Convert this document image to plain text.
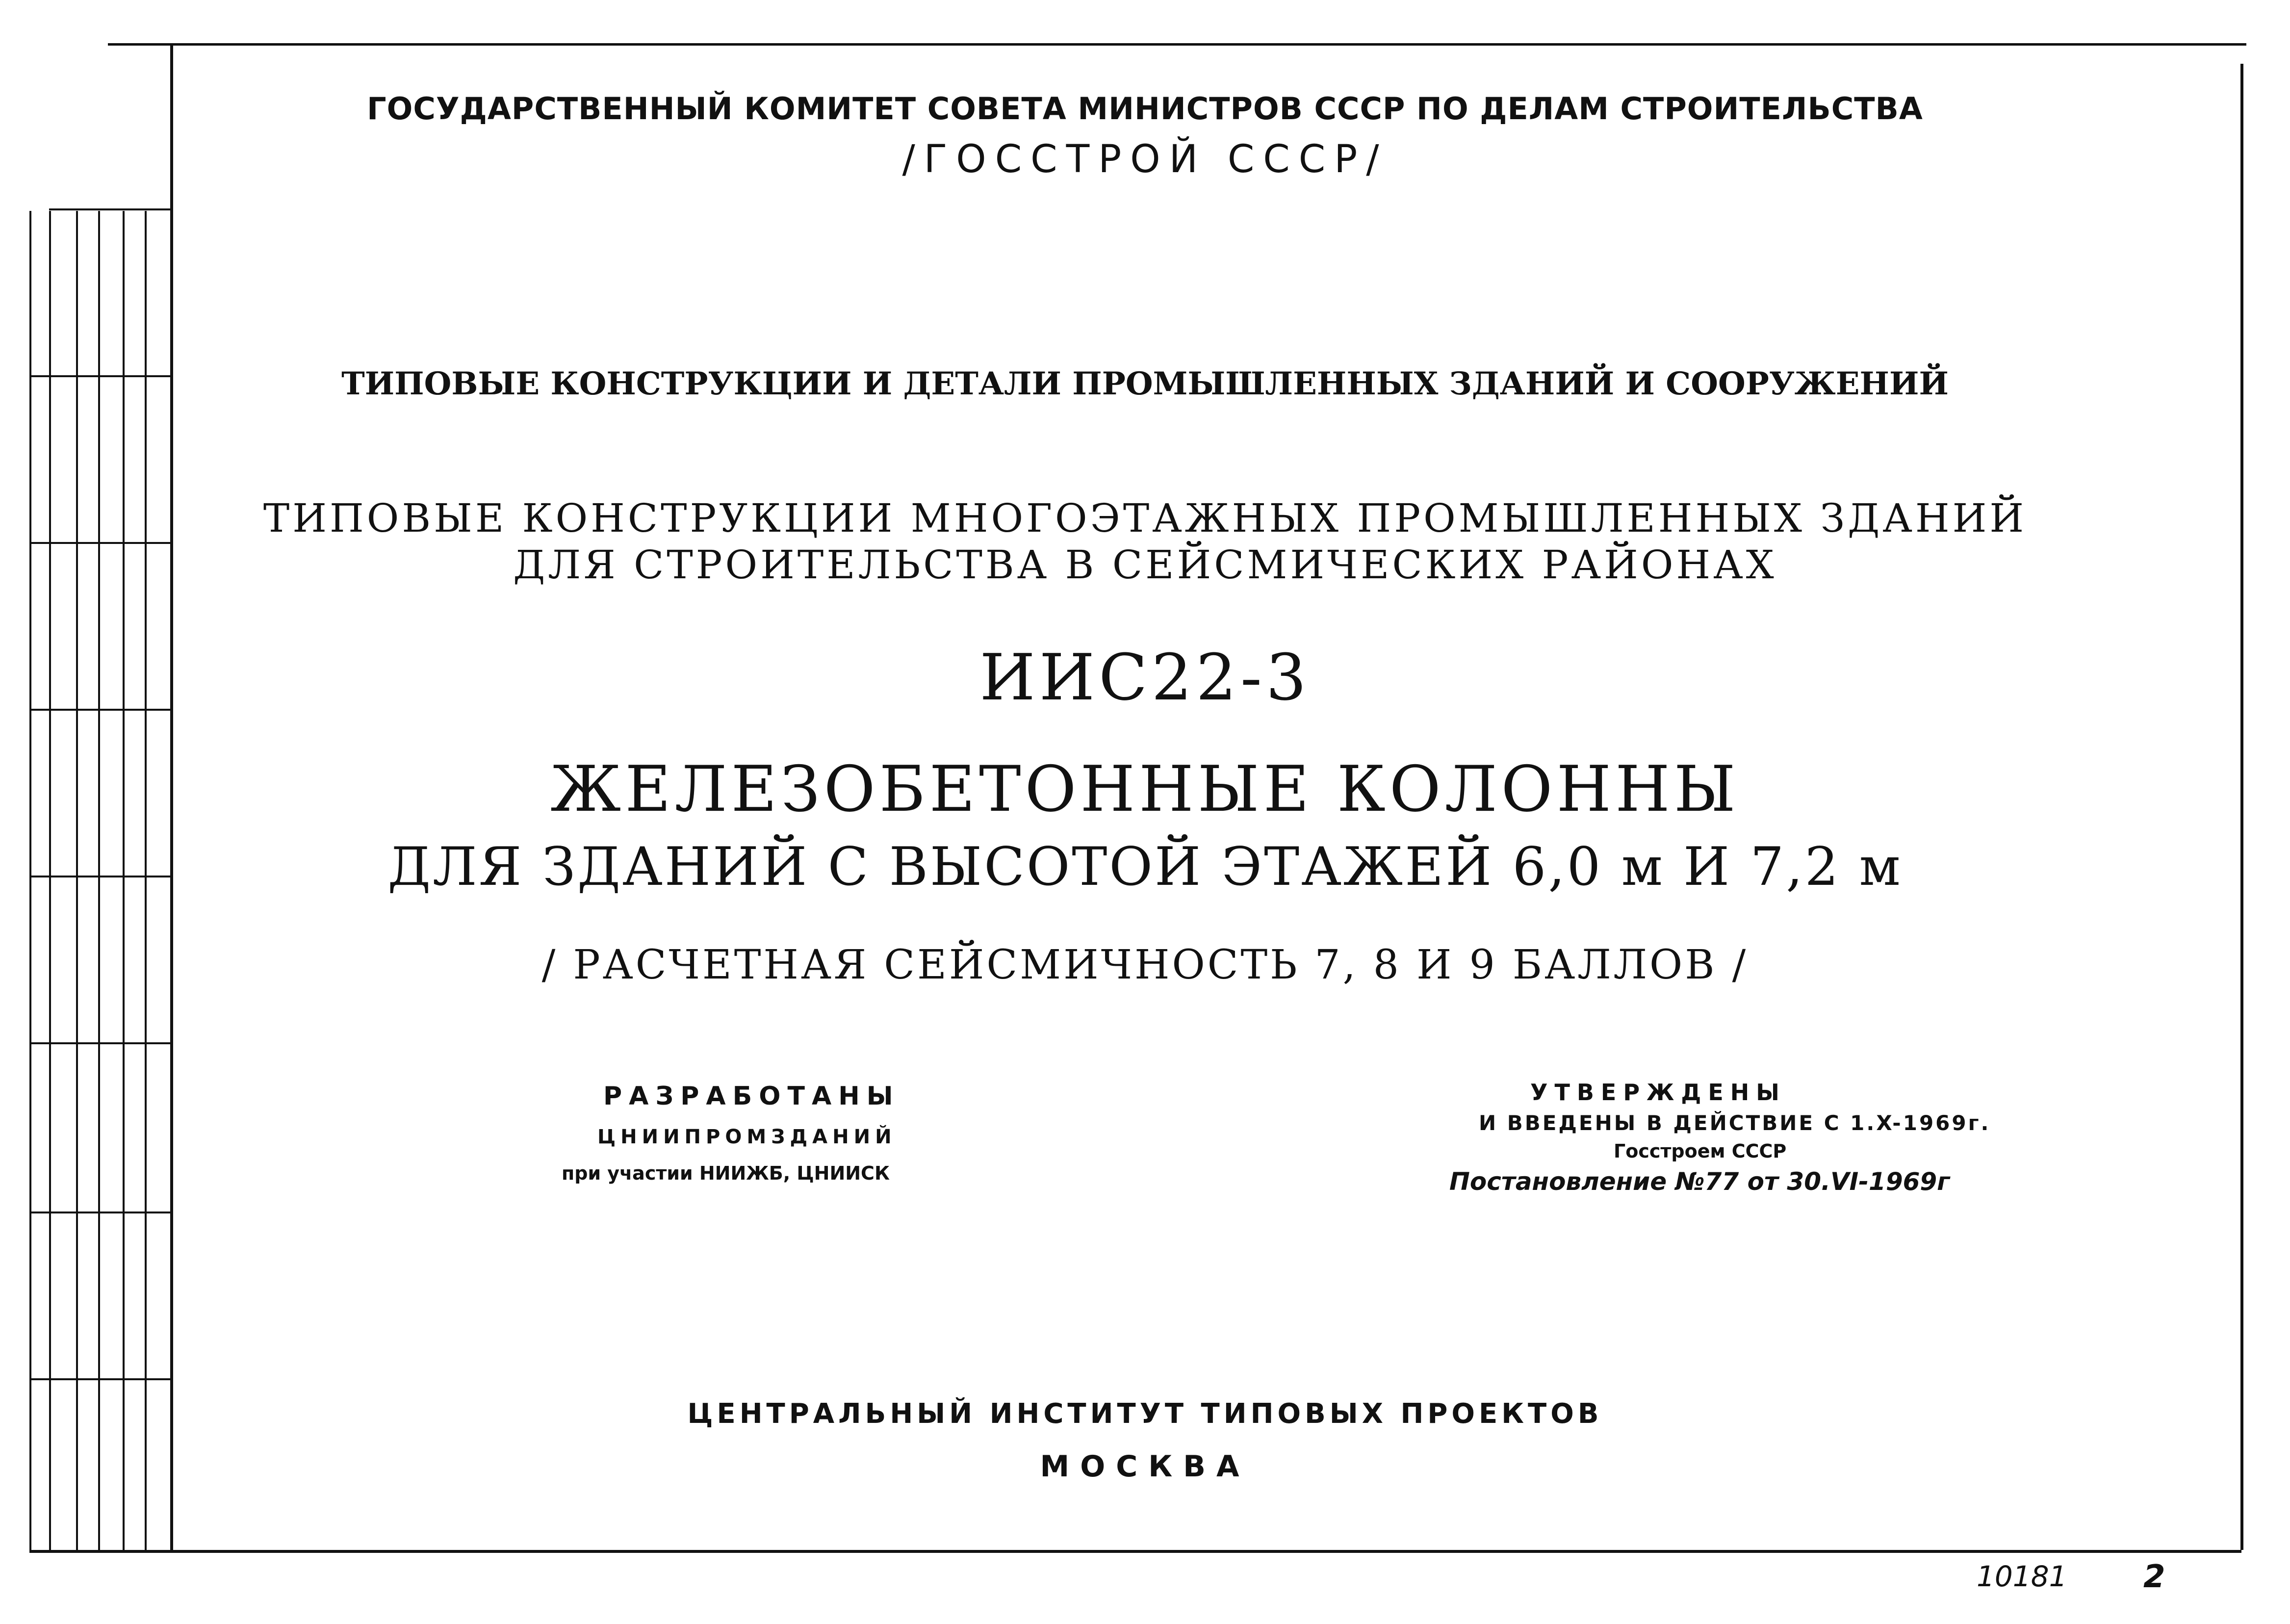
ГОСУДАРСТВЕННЫЙ КОМИТЕТ СОВЕТА МИНИСТРОВ СССР ПО ДЕЛАМ СТРОИТЕЛЬСТВА
/ГОССТРОЙ СССР/
ТИПОВЫЕ КОНСТРУКЦИИ И ДЕТАЛИ ПРОМЫШЛЕННЫХ ЗДАНИЙ И СООРУЖЕНИЙ
ТИПОВЫЕ КОНСТРУКЦИИ МНОГОЭТАЖНЫХ ПРОМЫШЛЕННЫХ ЗДАНИЙ
ДЛЯ СТРОИТЕЛЬСТВА В СЕЙСМИЧЕСКИХ РАЙОНАХ
ИИС22-3
ЖЕЛЕЗОБЕТОННЫЕ КОЛОННЫ
ДЛЯ ЗДАНИЙ С ВЫСОТОЙ ЭТАЖЕЙ 6,0 м И 7,2 м
/ РАСЧЕТНАЯ СЕЙСМИЧНОСТЬ 7, 8 И 9 БАЛЛОВ /
РАЗРАБОТАНЫ
ЦНИИПРОМЗДАНИЙ
при участии НИИЖБ, ЦНИИСК
УТВЕРЖДЕНЫ
И ВВЕДЕНЫ В ДЕЙСТВИЕ С 1.X-1969г.
Госстроем СССР
Постановление №77 от 30.VI-1969г
ЦЕНТРАЛЬНЫЙ ИНСТИТУТ ТИПОВЫХ ПРОЕКТОВ
МОСКВА
10181 2
